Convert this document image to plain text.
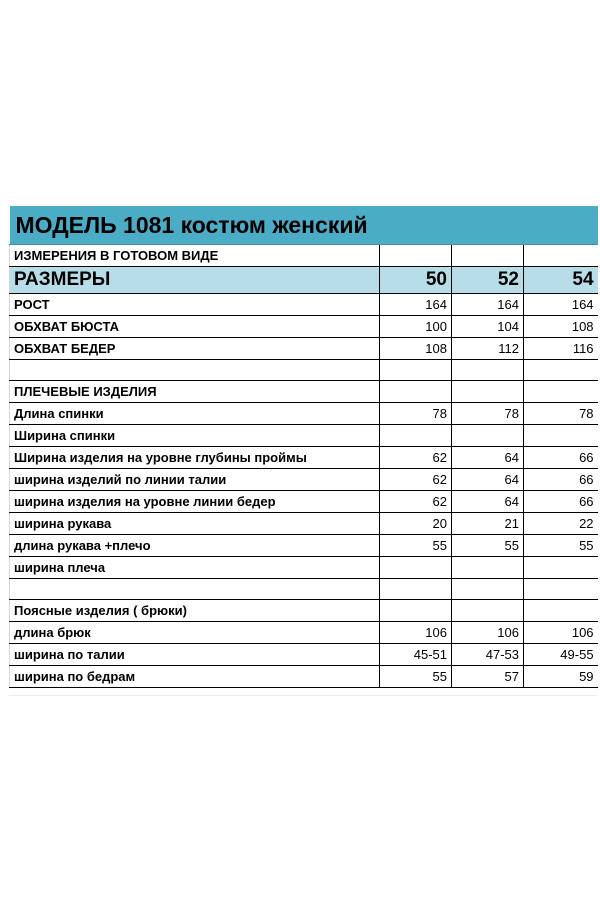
МОДЕЛЬ 1081 костюм женский			
ИЗМЕРЕНИЯ В ГОТОВОМ ВИДЕ			
РАЗМЕРЫ	50	52	54
РОСТ	164	164	164
ОБХВАТ БЮСТА	100	104	108
ОБХВАТ БЕДЕР	108	112	116

ПЛЕЧЕВЫЕ ИЗДЕЛИЯ			
Длина спинки	78	78	78
Ширина спинки			
Ширина изделия на уровне глубины проймы	62	64	66
ширина изделий по линии талии	62	64	66
ширина изделия на уровне линии бедер	62	64	66
ширина рукава	20	21	22
длина рукава +плечо	55	55	55
ширина плеча			

Поясные изделия ( брюки)			
длина брюк	106	106	106
ширина по талии	45-51	47-53	49-55
ширина по бедрам	55	57	59
